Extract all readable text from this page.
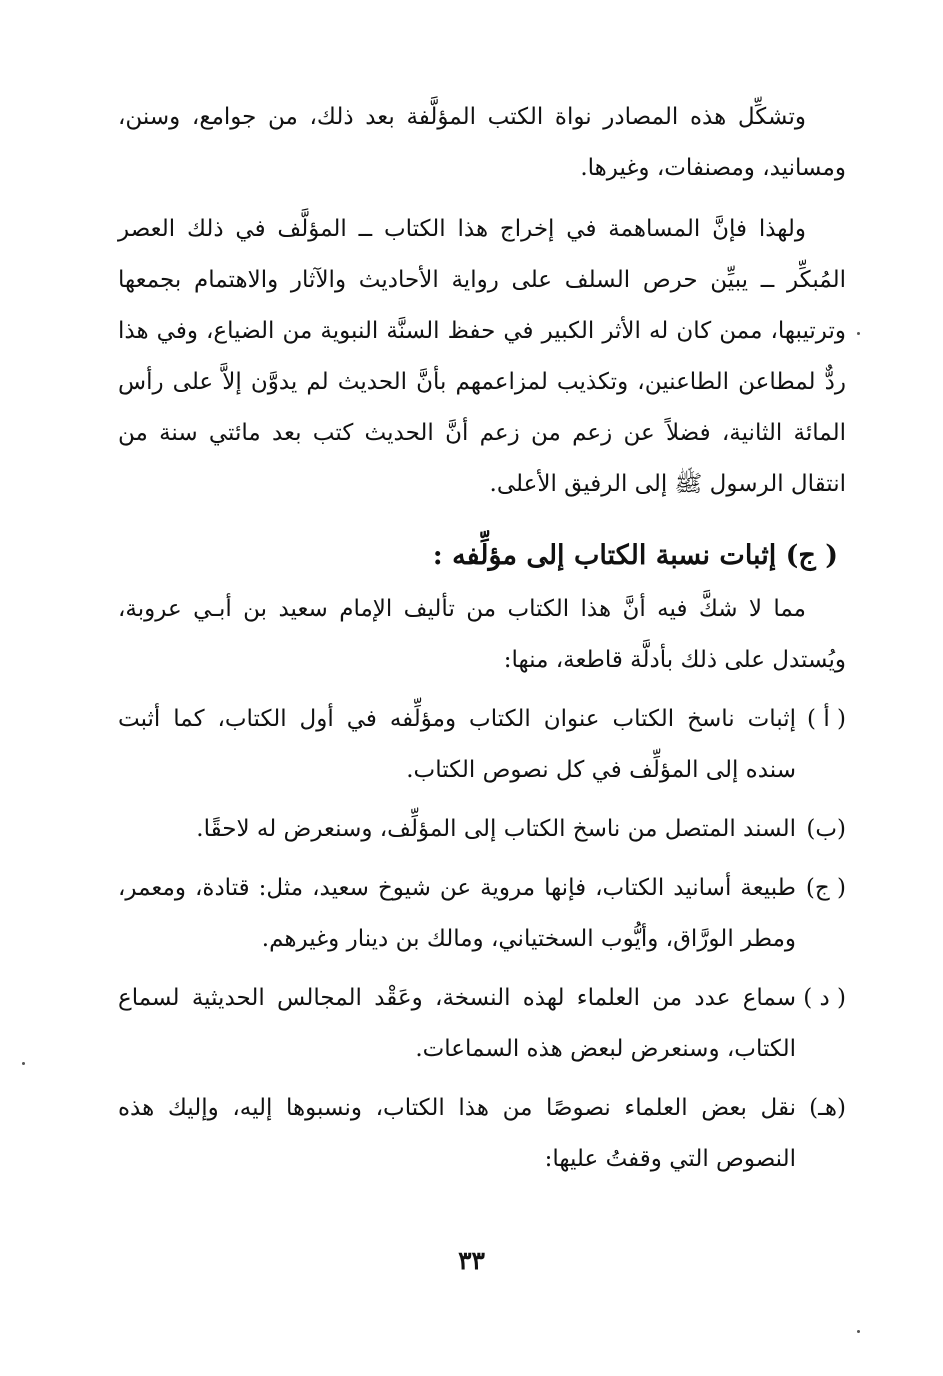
وتشكِّل هذه المصادر نواة الكتب المؤلَّفة بعد ذلك، من جوامع، وسنن، ومسانيد، ومصنفات، وغيرها.

ولهذا فإنَّ المساهمة في إخراج هذا الكتاب ــ المؤلَّف في ذلك العصر المُبكِّر ــ يبيِّن حرص السلف على رواية الأحاديث والآثار والاهتمام بجمعها وترتيبها، ممن كان له الأثر الكبير في حفظ السنَّة النبوية من الضياع، وفي هذا ردٌّ لمطاعن الطاعنين، وتكذيب لمزاعمهم بأنَّ الحديث لم يدوَّن إلاَّ على رأس المائة الثانية، فضلاً عن زعم من زعم أنَّ الحديث كتب بعد مائتي سنة من انتقال الرسول ﷺ إلى الرفيق الأعلى.

( ج) إثبات نسبة الكتاب إلى مؤلِّفه :

مما لا شكَّ فيه أنَّ هذا الكتاب من تأليف الإمام سعيد بن أبـي عروبة، ويُستدل على ذلك بأدلَّة قاطعة، منها:

( أ )
إثبات ناسخ الكتاب عنوان الكتاب ومؤلِّفه في أول الكتاب، كما أثبت سنده إلى المؤلِّف في كل نصوص الكتاب.
(ب)
السند المتصل من ناسخ الكتاب إلى المؤلِّف، وسنعرض له لاحقًا.
( ج)
طبيعة أسانيد الكتاب، فإنها مروية عن شيوخ سعيد، مثل: قتادة، ومعمر، ومطر الورَّاق، وأيُّوب السختياني، ومالك بن دينار وغيرهم.
( د )
سماع عدد من العلماء لهذه النسخة، وعَقْد المجالس الحديثية لسماع الكتاب، وسنعرض لبعض هذه السماعات.
(هـ)
نقل بعض العلماء نصوصًا من هذا الكتاب، ونسبوها إليه، وإليك هذه النصوص التي وقفتُ عليها:
٣٣
